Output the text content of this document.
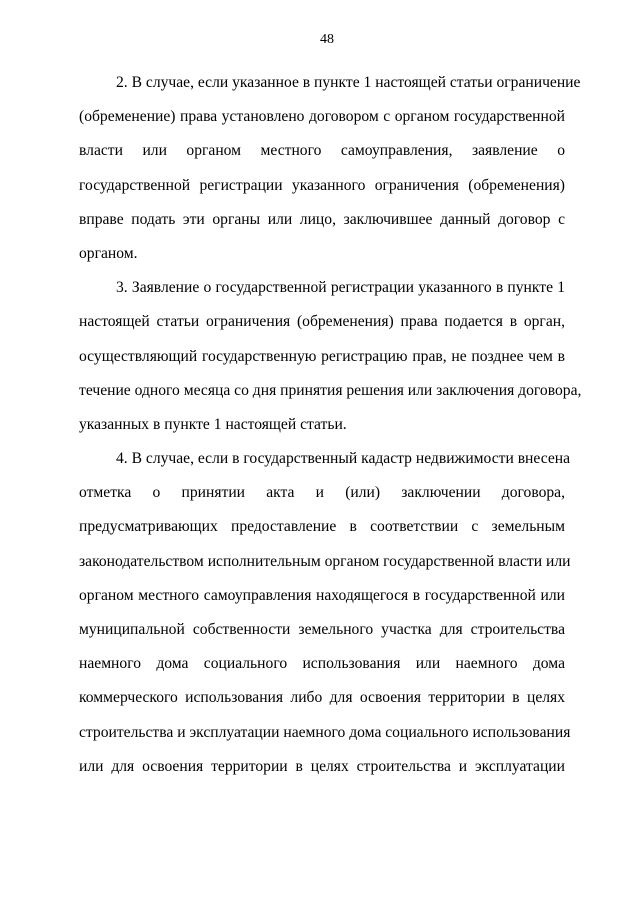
48

2. В случае, если указанное в пункте 1 настоящей статьи ограничение
(обременение) права установлено договором с органом государственной
власти или органом местного самоуправления, заявление о
государственной регистрации указанного ограничения (обременения)
вправе подать эти органы или лицо, заключившее данный договор с
органом.

3. Заявление о государственной регистрации указанного в пункте 1
настоящей статьи ограничения (обременения) права подается в орган,
осуществляющий государственную регистрацию прав, не позднее чем в
течение одного месяца со дня принятия решения или заключения договора,
указанных в пункте 1 настоящей статьи.

4. В случае, если в государственный кадастр недвижимости внесена
отметка о принятии акта и (или) заключении договора,
предусматривающих предоставление в соответствии с земельным
законодательством исполнительным органом государственной власти или
органом местного самоуправления находящегося в государственной или
муниципальной собственности земельного участка для строительства
наемного дома социального использования или наемного дома
коммерческого использования либо для освоения территории в целях
строительства и эксплуатации наемного дома социального использования
или для освоения территории в целях строительства и эксплуатации
